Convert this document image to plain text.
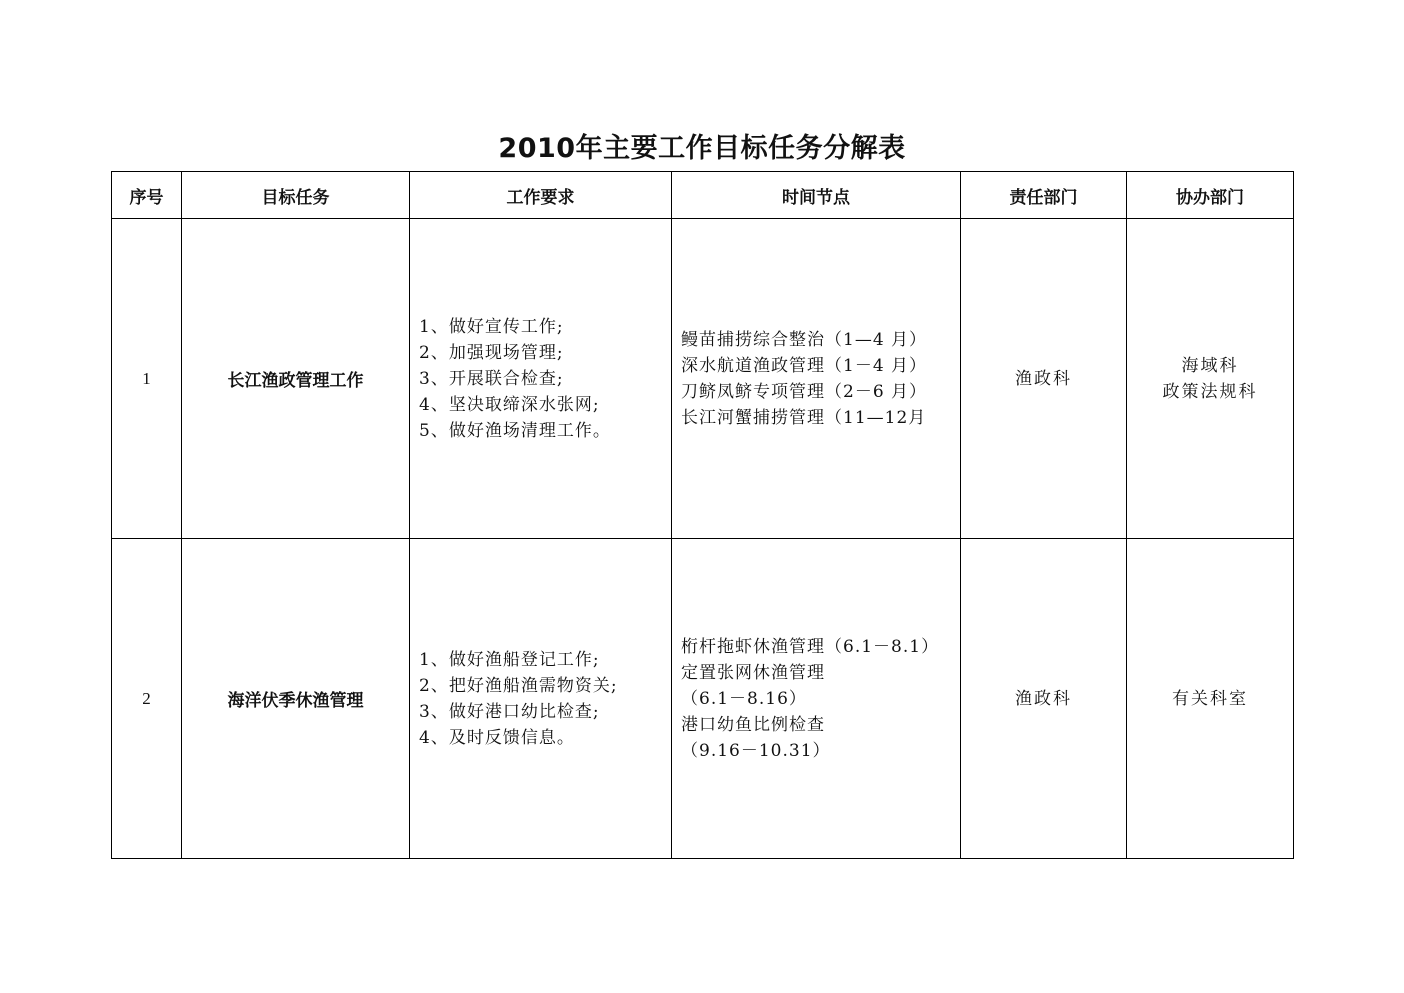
2010年主要工作目标任务分解表
序号	目标任务	工作要求	时间节点	责任部门	协办部门
1	长江渔政管理工作	1、做好宣传工作;
2、加强现场管理;
3、开展联合检查;
4、坚决取缔深水张网;
5、做好渔场清理工作。	鳗苗捕捞综合整治（1—4 月）
深水航道渔政管理（1－4 月）
刀鲚凤鲚专项管理（2－6 月）
长江河蟹捕捞管理（11—12月	渔政科	海域科
政策法规科

2	海洋伏季休渔管理	1、做好渔船登记工作;
2、把好渔船渔需物资关;
3、做好港口幼比检查;
4、及时反馈信息。	桁杆拖虾休渔管理（6.1－8.1）
定置张网休渔管理
（6.1－8.16）
港口幼鱼比例检查
（9.16－10.31）	渔政科	有关科室
